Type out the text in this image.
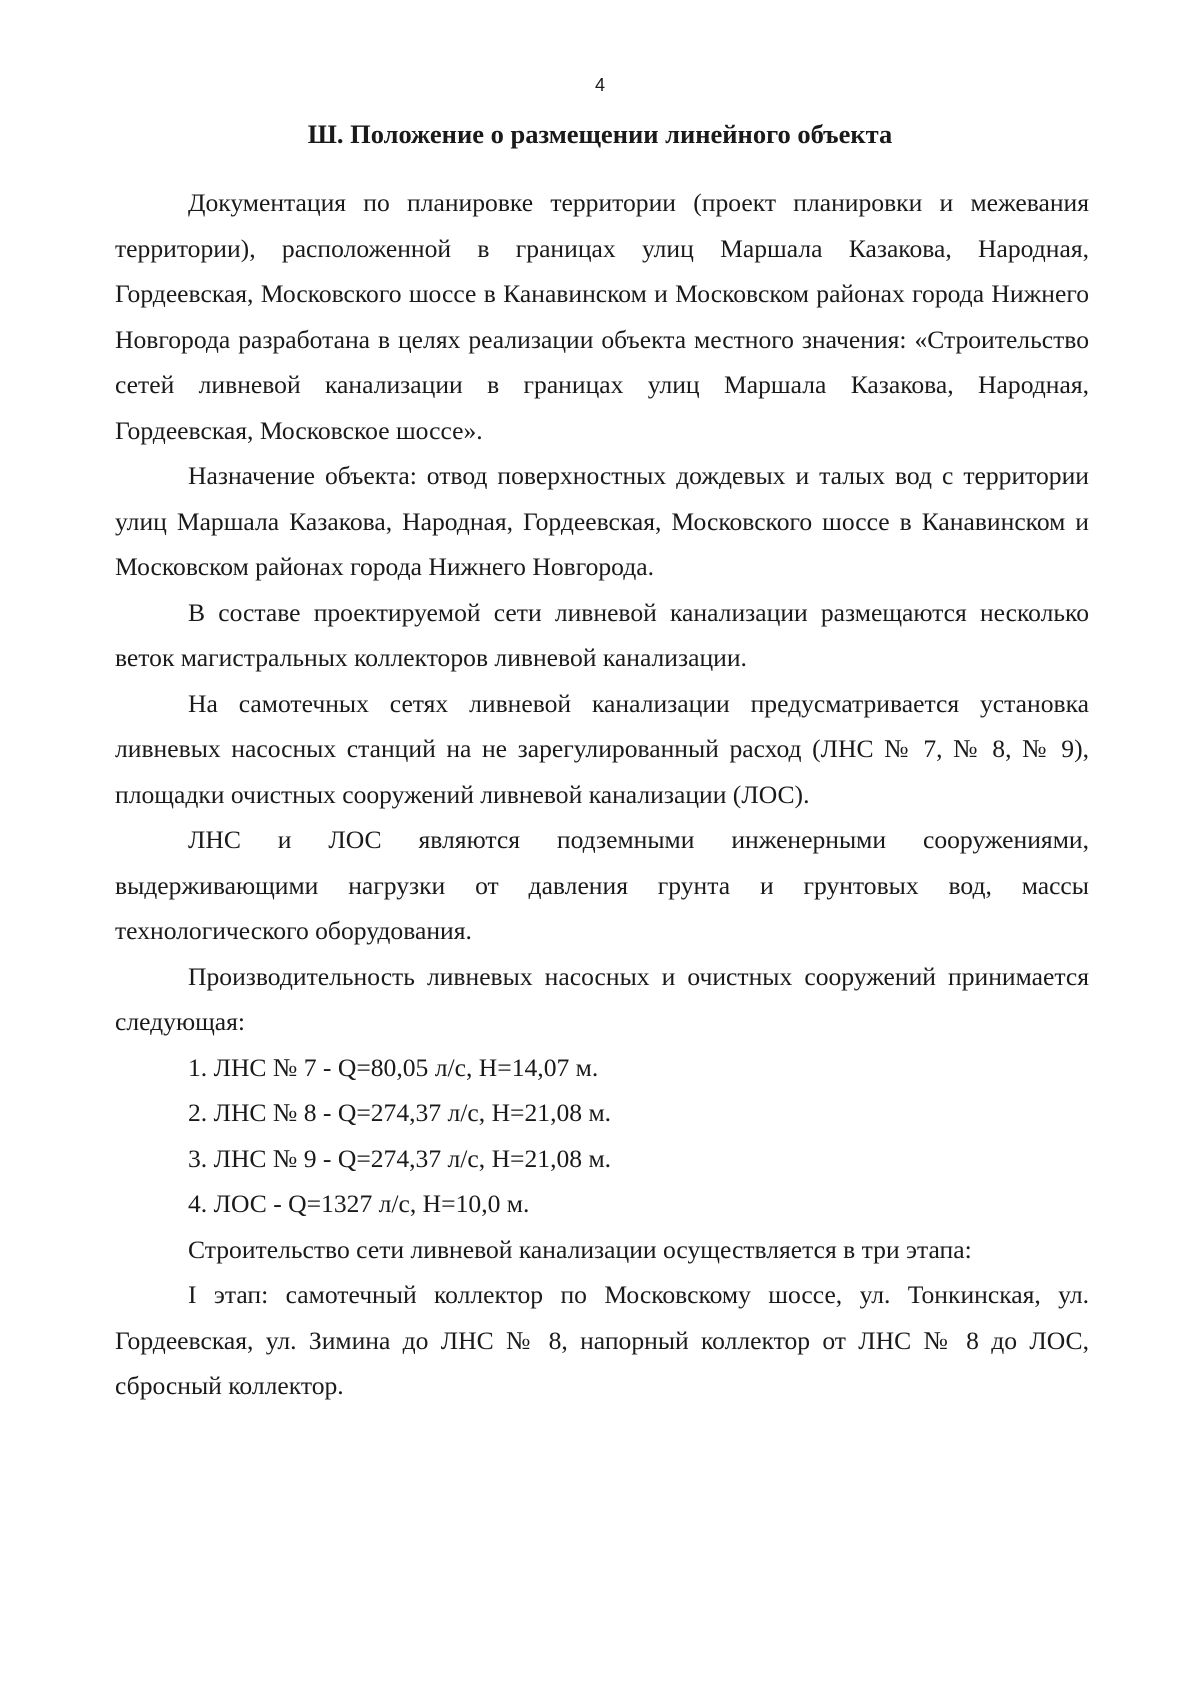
4
Ш. Положение о размещении линейного объекта

Документация по планировке территории (проект планировки и межевания территории), расположенной в границах улиц Маршала Казакова, Народная, Гордеевская, Московского шоссе в Канавинском и Московском районах города Нижнего Новгорода разработана в целях реализации объекта местного значения: «Строительство сетей ливневой канализации в границах улиц Маршала Казакова, Народная, Гордеевская, Московское шоссе».

Назначение объекта: отвод поверхностных дождевых и талых вод с территории улиц Маршала Казакова, Народная, Гордеевская, Московского шоссе в Канавинском и Московском районах города Нижнего Новгорода.

В составе проектируемой сети ливневой канализации размещаются несколько веток магистральных коллекторов ливневой канализации.

На самотечных сетях ливневой канализации предусматривается установка ливневых насосных станций на не зарегулированный расход (ЛНС № 7, № 8, № 9), площадки очистных сооружений ливневой канализации (ЛОС).

ЛНС и ЛОС являются подземными инженерными сооружениями, выдерживающими нагрузки от давления грунта и грунтовых вод, массы технологического оборудования.

Производительность ливневых насосных и очистных сооружений принимается следующая:

1. ЛНС № 7 - Q=80,05 л/с, Н=14,07 м.
2. ЛНС № 8 - Q=274,37 л/с, Н=21,08 м.
3. ЛНС № 9 - Q=274,37 л/с, Н=21,08 м.
4. ЛОС - Q=1327 л/с, Н=10,0 м.

Строительство сети ливневой канализации осуществляется в три этапа:

I этап: самотечный коллектор по Московскому шоссе, ул. Тонкинская, ул. Гордеевская, ул. Зимина до ЛНС № 8, напорный коллектор от ЛНС № 8 до ЛОС, сбросный коллектор.
